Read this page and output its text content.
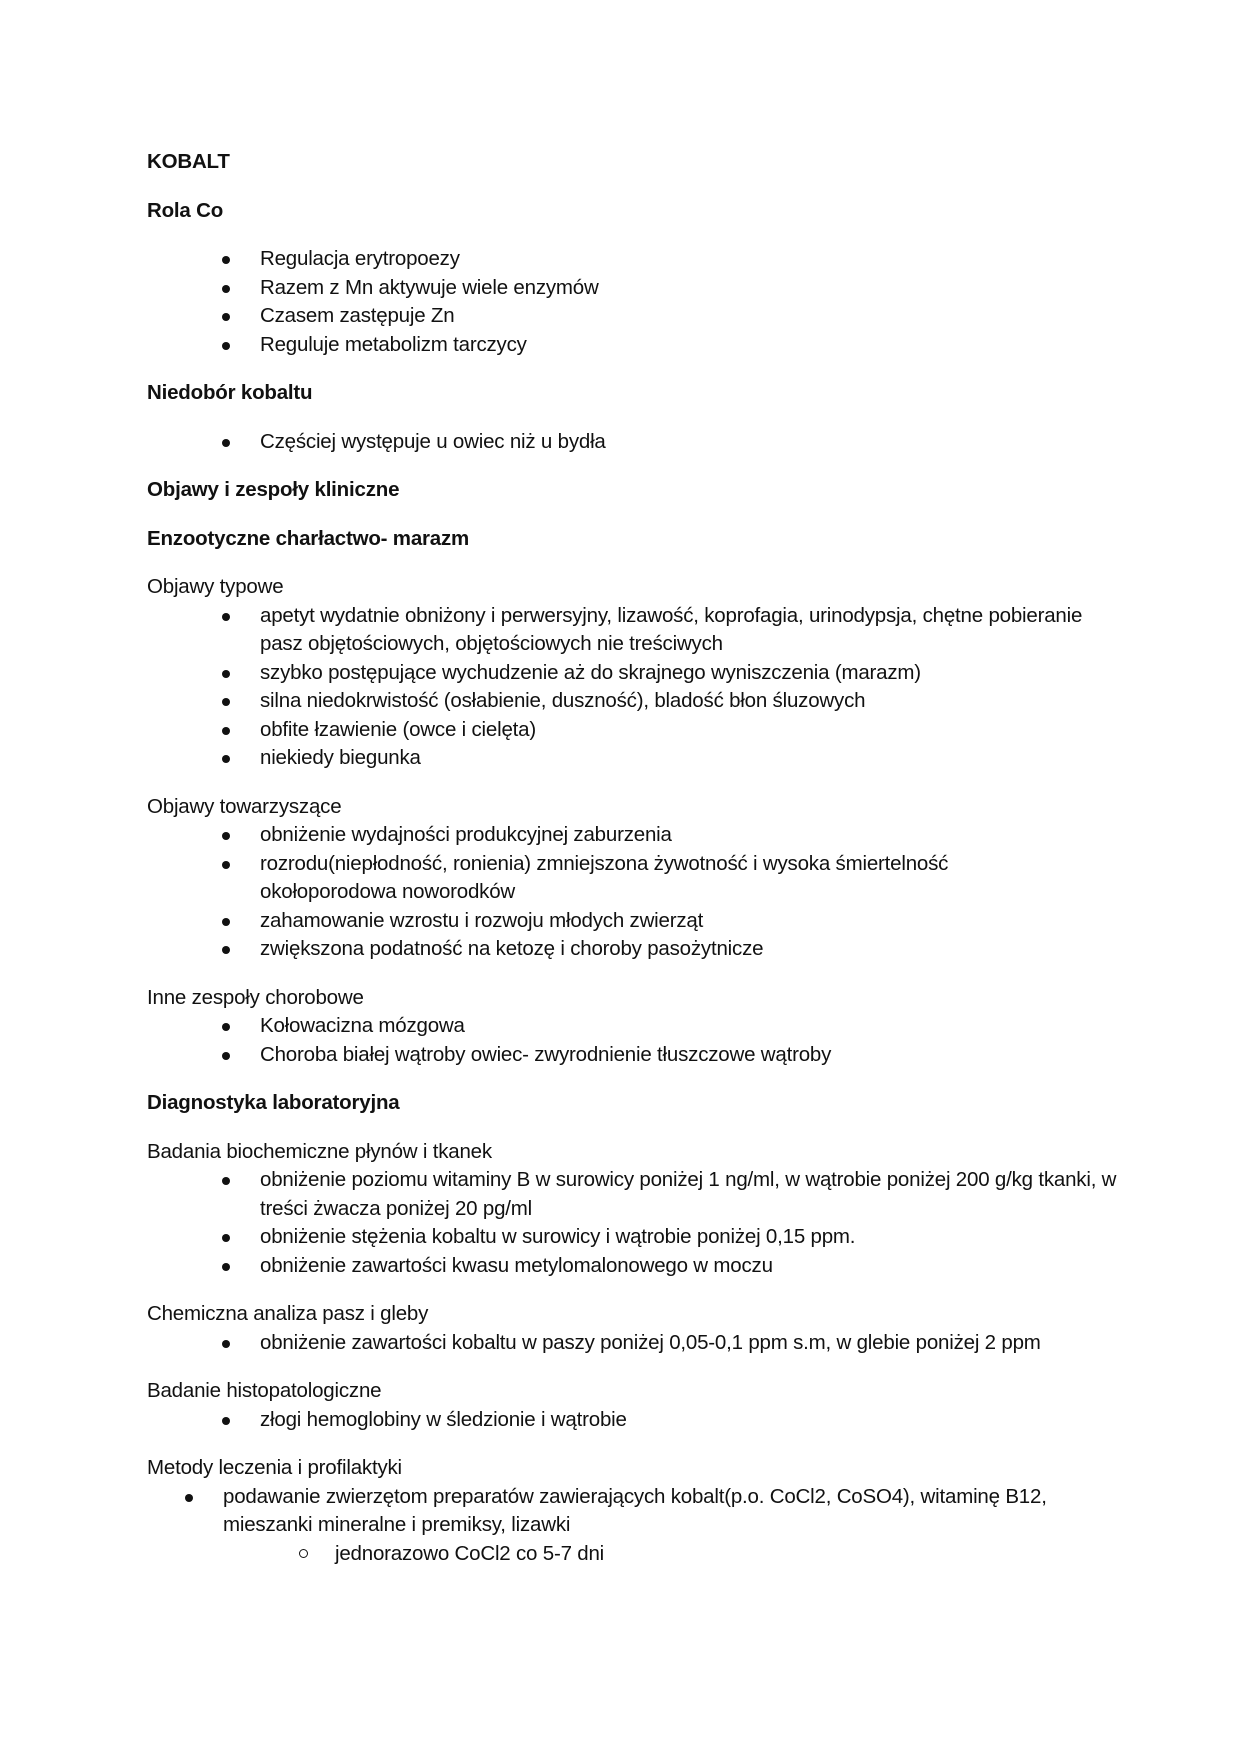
KOBALT
Rola Co
Regulacja erytropoezy
Razem z Mn aktywuje wiele enzymów
Czasem zastępuje Zn
Reguluje metabolizm tarczycy
Niedobór kobaltu
Częściej występuje u owiec niż u bydła
Objawy i zespoły kliniczne
Enzootyczne charłactwo- marazm
Objawy typowe
apetyt wydatnie obniżony i perwersyjny, lizawość, koprofagia, urinodypsja, chętne pobieranie pasz objętościowych, objętościowych nie treściwych
szybko postępujące wychudzenie aż do skrajnego wyniszczenia (marazm)
silna niedokrwistość (osłabienie, duszność), bladość błon śluzowych
obfite łzawienie (owce i cielęta)
niekiedy biegunka
Objawy towarzyszące
obniżenie wydajności produkcyjnej zaburzenia
rozrodu(niepłodność, ronienia) zmniejszona żywotność i wysoka śmiertelność okołoporodowa noworodków
zahamowanie wzrostu i rozwoju młodych zwierząt
zwiększona podatność na ketozę i choroby pasożytnicze
Inne zespoły chorobowe
Kołowacizna mózgowa
Choroba białej wątroby owiec- zwyrodnienie tłuszczowe wątroby
Diagnostyka laboratoryjna
Badania biochemiczne płynów i tkanek
obniżenie poziomu witaminy B w surowicy poniżej 1 ng/ml, w wątrobie poniżej 200 g/kg tkanki, w treści żwacza poniżej 20 pg/ml
obniżenie stężenia kobaltu w surowicy i wątrobie poniżej 0,15 ppm.
obniżenie zawartości kwasu metylomalonowego w moczu
Chemiczna analiza pasz i gleby
obniżenie zawartości kobaltu w paszy poniżej 0,05-0,1 ppm s.m, w glebie poniżej 2 ppm
Badanie histopatologiczne
złogi hemoglobiny w śledzionie i wątrobie
Metody leczenia i profilaktyki
podawanie zwierzętom preparatów zawierających kobalt(p.o. CoCl2, CoSO4), witaminę B12, mieszanki mineralne i premiksy, lizawki
jednorazowo CoCl2 co 5-7 dni
